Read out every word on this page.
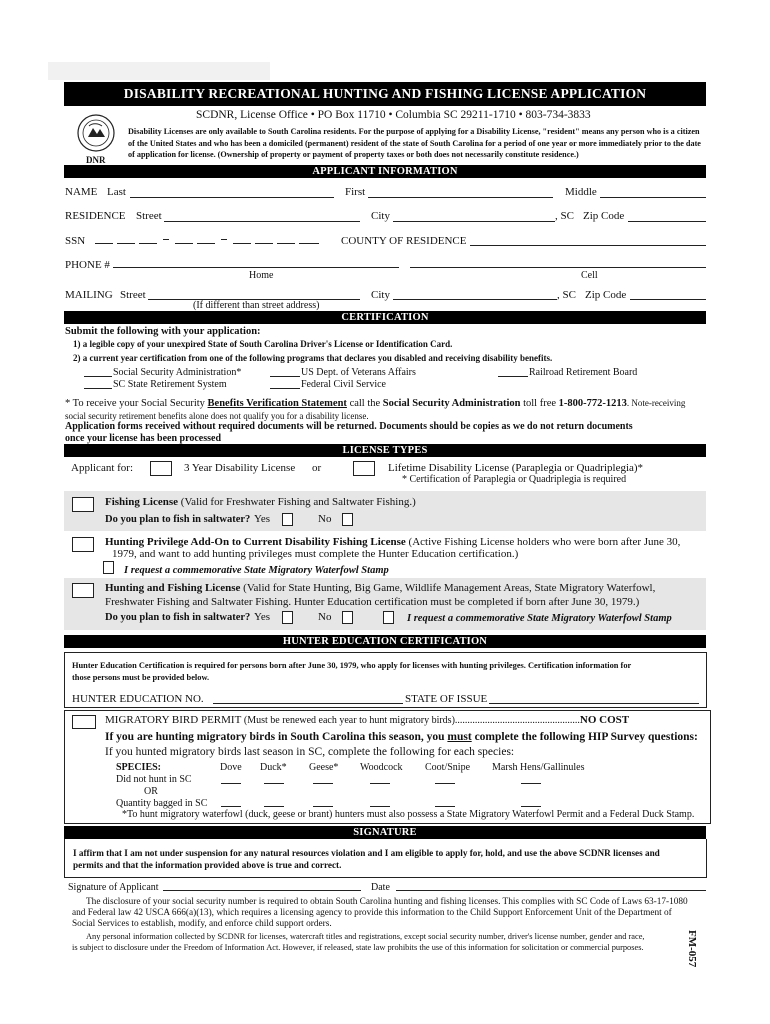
DISABILITY RECREATIONAL HUNTING AND FISHING LICENSE APPLICATION
SCDNR, License Office • PO Box 11710 • Columbia SC 29211-1710 • 803-734-3833
DNR
Disability Licenses are only available to South Carolina residents. For the purpose of applying for a Disability License, "resident" means any person who is a citizen of the United States and who has been a domiciled (permanent) resident of the state of South Carolina for a period of one year or more immediately prior to the date of application for license. (Ownership of property or payment of property taxes or both does not necessarily constitute residence.)
APPLICANT INFORMATION
NAME Last	First	Middle
RESIDENCE Street	City	, SC Zip Code
SSN	COUNTY OF RESIDENCE
PHONE #
Home	Cell
MAILING Street
(If different than street address)
City	, SC Zip Code
CERTIFICATION
Submit the following with your application:
1) a legible copy of your unexpired State of South Carolina Driver's License or Identification Card.
2) a current year certification from one of the following programs that declares you disabled and receiving disability benefits.
Social Security Administration*	US Dept. of Veterans Affairs	Railroad Retirement Board
SC State Retirement System	Federal Civil Service
* To receive your Social Security Benefits Verification Statement call the Social Security Administration toll free 1-800-772-1213. Note-receiving
social security retirement benefits alone does not qualify you for a disability license.
Application forms received without required documents will be returned. Documents should be copies as we do not return documents
once your license has been processed
LICENSE TYPES
Applicant for:	3 Year Disability License or	Lifetime Disability License (Paraplegia or Quadriplegia)*
* Certification of Paraplegia or Quadriplegia is required
Fishing License (Valid for Freshwater Fishing and Saltwater Fishing.)
Do you plan to fish in saltwater? Yes	No
Hunting Privilege Add-On to Current Disability Fishing License (Active Fishing License holders who were born after June 30,
1979, and want to add hunting privileges must complete the Hunter Education certification.)
I request a commemorative State Migratory Waterfowl Stamp
Hunting and Fishing License (Valid for State Hunting, Big Game, Wildlife Management Areas, State Migratory Waterfowl,
Freshwater Fishing and Saltwater Fishing. Hunter Education certification must be completed if born after June 30, 1979.)
Do you plan to fish in saltwater? Yes	No	I request a commemorative State Migratory Waterfowl Stamp
HUNTER EDUCATION CERTIFICATION
Hunter Education Certification is required for persons born after June 30, 1979, who apply for licenses with hunting privileges. Certification information for
those persons must be provided below.
HUNTER EDUCATION NO.	STATE OF ISSUE
MIGRATORY BIRD PERMIT (Must be renewed each year to hunt migratory birds)..................................................NO COST
If you are hunting migratory birds in South Carolina this season, you must complete the following HIP Survey questions:
If you hunted migratory birds last season in SC, complete the following for each species:
SPECIES:	Dove Duck* Geese* Woodcock Coot/Snipe Marsh Hens/Gallinules
Did not hunt in SC
OR
Quantity bagged in SC
*To hunt migratory waterfowl (duck, geese or brant) hunters must also possess a State Migratory Waterfowl Permit and a Federal Duck Stamp.
SIGNATURE
I affirm that I am not under suspension for any natural resources violation and I am eligible to apply for, hold, and use the above SCDNR licenses and
permits and that the information provided above is true and correct.
Signature of Applicant	Date
The disclosure of your social security number is required to obtain South Carolina hunting and fishing licenses. This complies with SC Code of Laws 63-17-1080
and Federal law 42 USCA 666(a)(13), which requires a licensing agency to provide this information to the Child Support Enforcement Unit of the Department of
Social Services to establish, modify, and enforce child support orders.
Any personal information collected by SCDNR for licenses, watercraft titles and registrations, except social security number, driver's license number, gender and race,
is subject to disclosure under the Freedom of Information Act. However, if released, state law prohibits the use of this information for solicitation or commercial purposes.	FM-057
